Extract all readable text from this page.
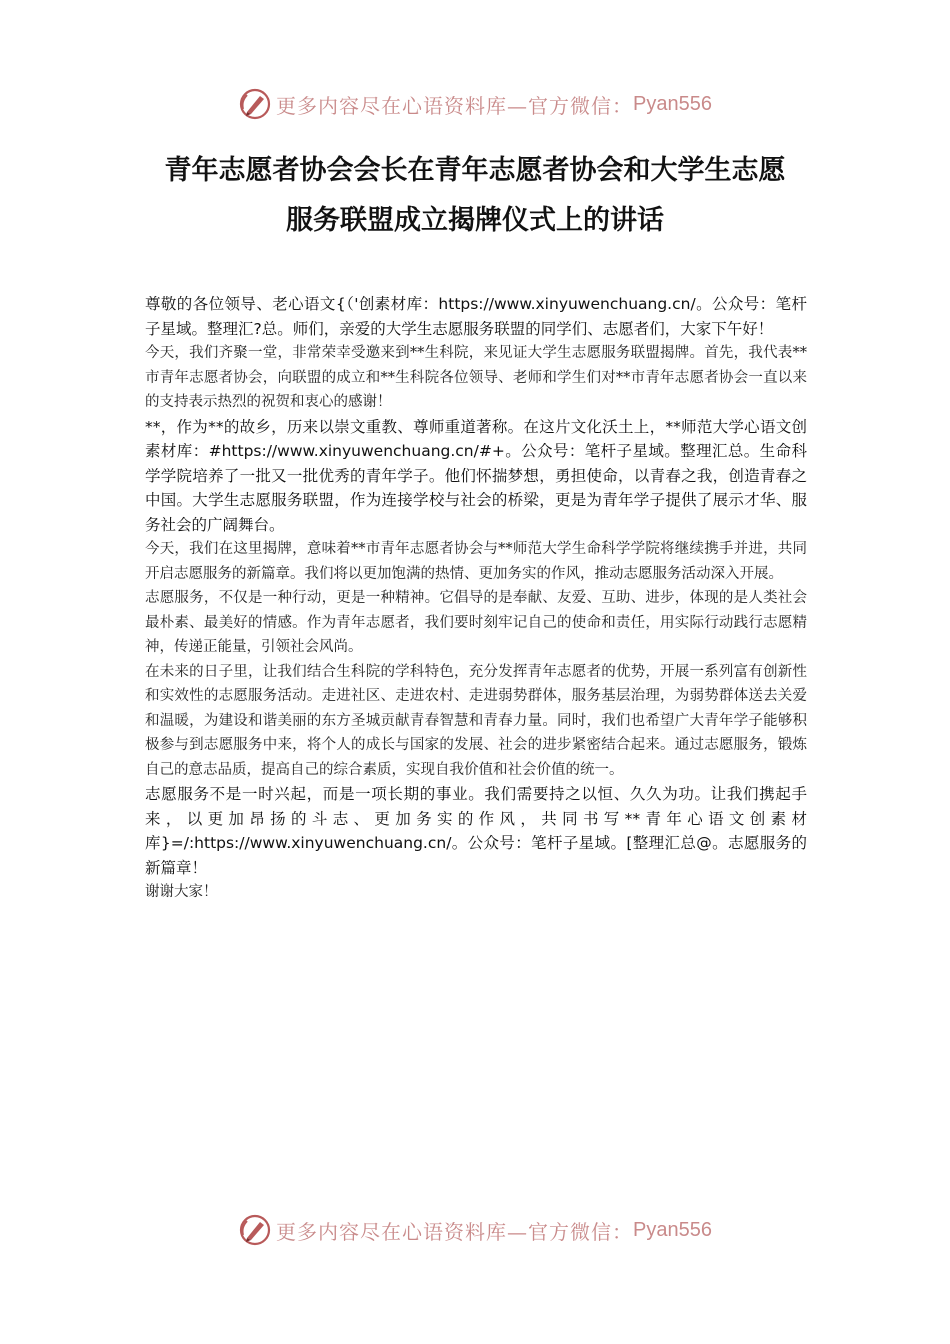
更多内容尽在心语资料库—官方微信： Pyan556
青年志愿者协会会长在青年志愿者协会和大学生志愿
服务联盟成立揭牌仪式上的讲话

尊敬的各位领导、老心语文{（'创素材库：https://www.xinyuwenchuang.cn/。公众号：笔杆子星域。整理汇?总。师们，亲爱的大学生志愿服务联盟的同学们、志愿者们，大家下午好！

今天，我们齐聚一堂，非常荣幸受邀来到**生科院，来见证大学生志愿服务联盟揭牌。首先，我代表**市青年志愿者协会，向联盟的成立和**生科院各位领导、老师和学生们对**市青年志愿者协会一直以来的支持表示热烈的祝贺和衷心的感谢！

**，作为**的故乡，历来以崇文重教、尊师重道著称。在这片文化沃土上，**师范大学心语文创素材库：#https://www.xinyuwenchuang.cn/#+。公众号：笔杆子星域。整理汇总。生命科学学院培养了一批又一批优秀的青年学子。他们怀揣梦想，勇担使命，以青春之我，创造青春之中国。大学生志愿服务联盟，作为连接学校与社会的桥梁，更是为青年学子提供了展示才华、服务社会的广阔舞台。

今天，我们在这里揭牌，意味着**市青年志愿者协会与**师范大学生命科学学院将继续携手并进，共同开启志愿服务的新篇章。我们将以更加饱满的热情、更加务实的作风，推动志愿服务活动深入开展。

志愿服务，不仅是一种行动，更是一种精神。它倡导的是奉献、友爱、互助、进步，体现的是人类社会最朴素、最美好的情感。作为青年志愿者，我们要时刻牢记自己的使命和责任，用实际行动践行志愿精神，传递正能量，引领社会风尚。

在未来的日子里，让我们结合生科院的学科特色，充分发挥青年志愿者的优势，开展一系列富有创新性和实效性的志愿服务活动。走进社区、走进农村、走进弱势群体，服务基层治理，为弱势群体送去关爱和温暖，为建设和谐美丽的东方圣城贡献青春智慧和青春力量。同时，我们也希望广大青年学子能够积极参与到志愿服务中来，将个人的成长与国家的发展、社会的进步紧密结合起来。通过志愿服务，锻炼自己的意志品质，提高自己的综合素质，实现自我价值和社会价值的统一。

志愿服务不是一时兴起，而是一项长期的事业。我们需要持之以恒、久久为功。让我们携起手来，以更加昂扬的斗志、更加务实的作风，共同书写**青年心语文创素材库}=/:https://www.xinyuwenchuang.cn/。公众号：笔杆子星域。[整理汇总@。志愿服务的新篇章！

谢谢大家！

更多内容尽在心语资料库—官方微信： Pyan556
